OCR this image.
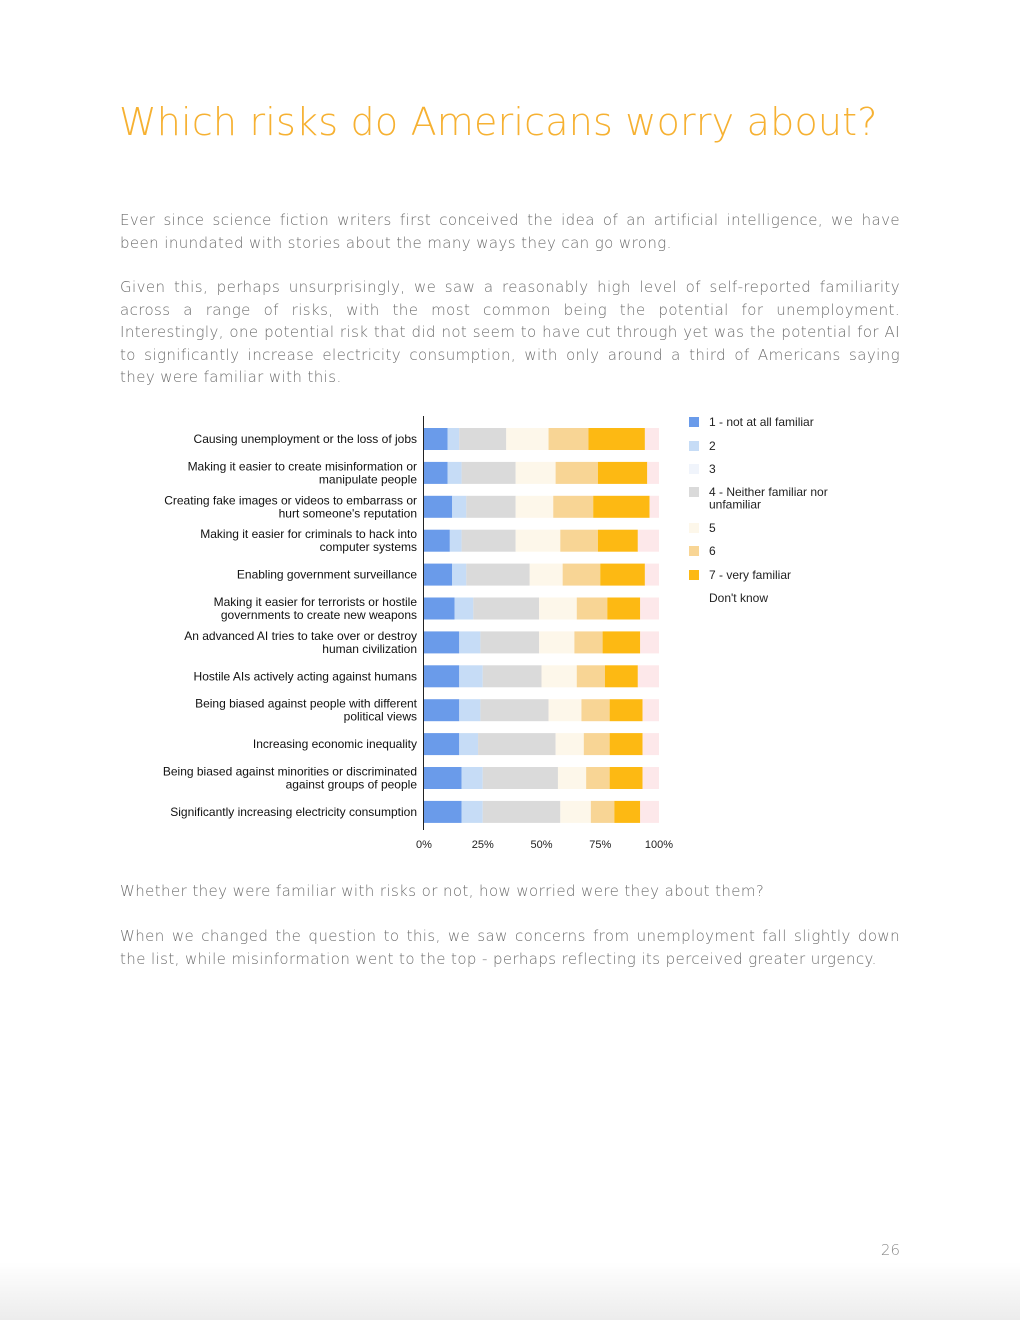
Which risks do Americans worry about?

Ever since science fiction writers first conceived the idea of an artificial intelligence, we have been inundated with stories about the many ways they can go wrong.

Given this, perhaps unsurprisingly, we saw a reasonably high level of self-reported familiarity across a range of risks, with the most common being the potential for unemployment. Interestingly, one potential risk that did not seem to have cut through yet was the potential for AI to significantly increase electricity consumption, with only around a third of Americans saying they were familiar with this.

Whether they were familiar with risks or not, how worried were they about them?

When we changed the question to this, we saw concerns from unemployment fall slightly down the list, while misinformation went to the top - perhaps reflecting its perceived greater urgency.

Causing unemployment or the loss of jobs
Making it easier to create misinformation or
manipulate people
Creating fake images or videos to embarrass or
hurt someone's reputation
Making it easier for criminals to hack into
computer systems
Enabling government surveillance
Making it easier for terrorists or hostile
governments to create new weapons
An advanced AI tries to take over or destroy
human civilization
Hostile AIs actively acting against humans
Being biased against people with different
political views
Increasing economic inequality
Being biased against minorities or discriminated
against groups of people
Significantly increasing electricity consumption
0%	25%	50%	75%	100%
1 - not at all familiar
2
3
4 - Neither familiar nor
unfamiliar
5
6
7 - very familiar
Don't know
26
